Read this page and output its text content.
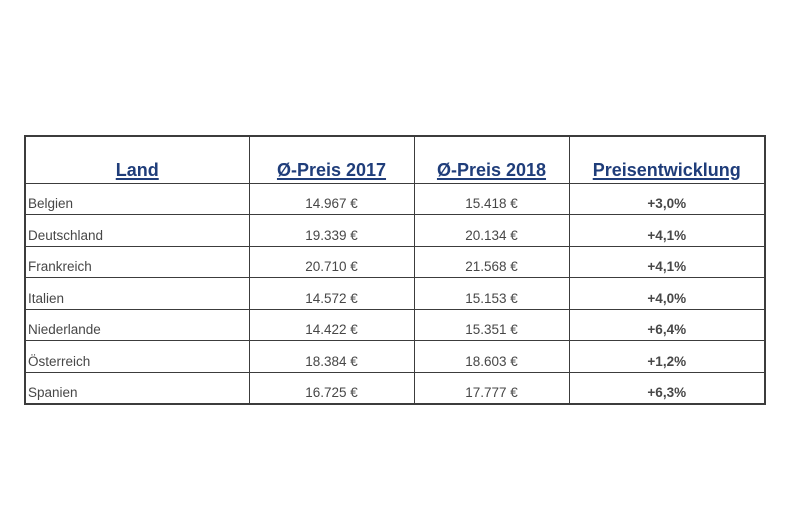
Land	Ø-Preis 2017	Ø-Preis 2018	Preisentwicklung
Belgien	14.967 €	15.418 €	+3,0%
Deutschland	19.339 €	20.134 €	+4,1%
Frankreich	20.710 €	21.568 €	+4,1%
Italien	14.572 €	15.153 €	+4,0%
Niederlande	14.422 €	15.351 €	+6,4%
Österreich	18.384 €	18.603 €	+1,2%
Spanien	16.725 €	17.777 €	+6,3%
